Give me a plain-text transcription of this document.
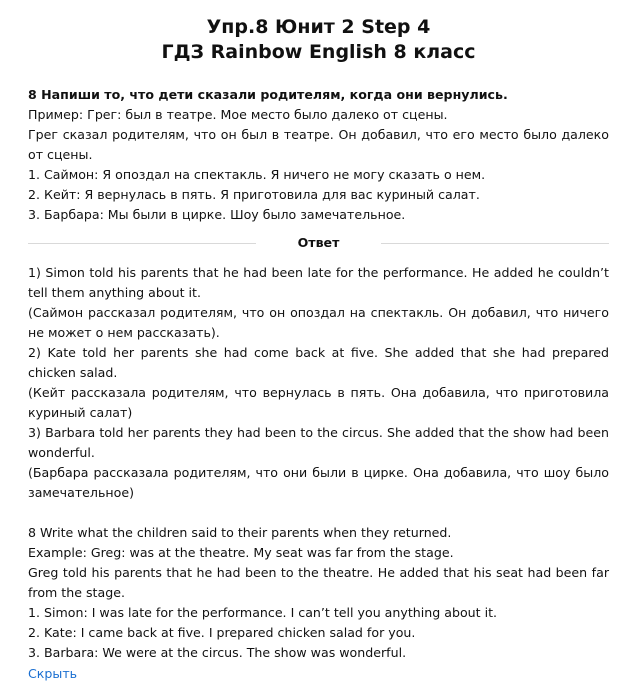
Упр.8 Юнит 2 Step 4
ГДЗ Rainbow English 8 класс

8 Напиши то, что дети сказали родителям, когда они вернулись.

Пример: Грег: был в театре. Мое место было далеко от сцены.

Грег сказал родителям, что он был в театре. Он добавил, что его место было далеко от сцены.

1. Саймон: Я опоздал на спектакль. Я ничего не могу сказать о нем.

2. Кейт: Я вернулась в пять. Я приготовила для вас куриный салат.

3. Барбара: Мы были в цирке. Шоу было замечательное.

Ответ

1) Simon told his parents that he had been late for the performance. He added he couldn’t tell them anything about it.

(Саймон рассказал родителям, что он опоздал на спектакль. Он добавил, что ничего не может о нем рассказать).

2) Kate told her parents she had come back at five. She added that she had prepared chicken salad.

(Кейт рассказала родителям, что вернулась в пять. Она добавила, что приготовила куриный салат)

3) Barbara told her parents they had been to the circus. She added that the show had been wonderful.

(Барбара рассказала родителям, что они были в цирке. Она добавила, что шоу было замечательное)

8 Write what the children said to their parents when they returned.

Example: Greg: was at the theatre. My seat was far from the stage.

Greg told his parents that he had been to the theatre. He added that his seat had been far from the stage.

1. Simon: I was late for the performance. I can’t tell you anything about it.

2. Kate: I came back at five. I prepared chicken salad for you.

3. Barbara: We were at the circus. The show was wonderful.

Скрыть
